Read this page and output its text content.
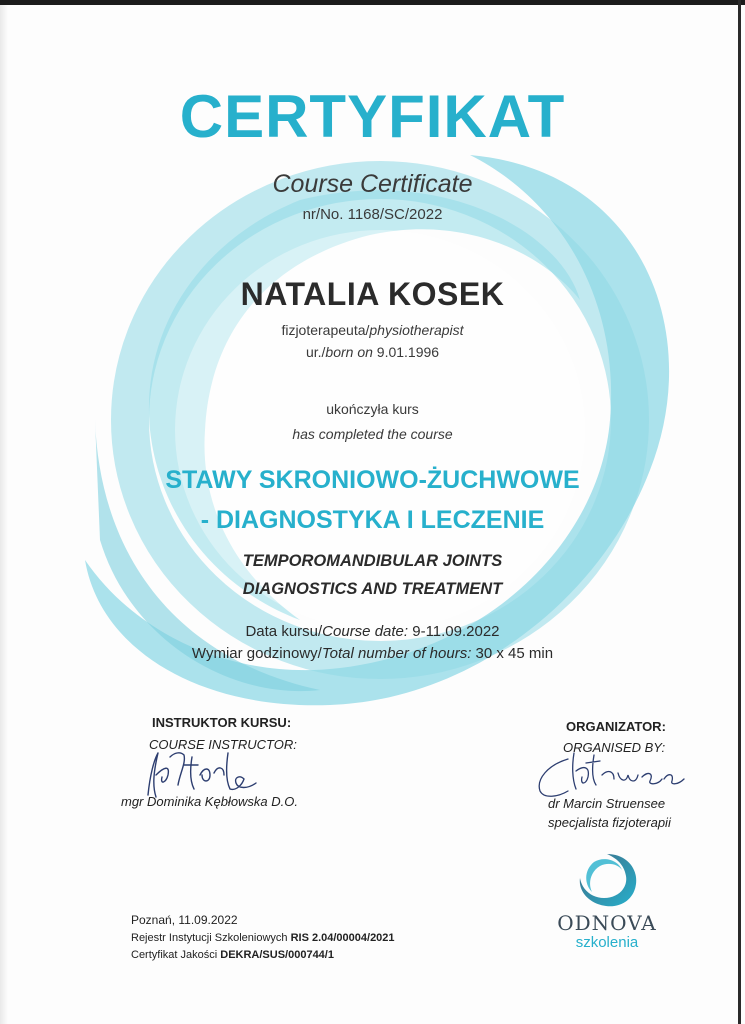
CERTYFIKAT
Course Certificate
nr/No. 1168/SC/2022
NATALIA KOSEK
fizjoterapeuta/physiotherapist
ur./born on 9.01.1996
ukończyła kurs
has completed the course
STAWY SKRONIOWO-ŻUCHWOWE
- DIAGNOSTYKA I LECZENIE
TEMPOROMANDIBULAR JOINTS
DIAGNOSTICS AND TREATMENT
Data kursu/Course date: 9-11.09.2022
Wymiar godzinowy/Total number of hours: 30 x 45 min
INSTRUKTOR KURSU:
COURSE INSTRUCTOR:
mgr Dominika Kębłowska D.O.
ORGANIZATOR:
ORGANISED BY:
dr Marcin Struensee
specjalista fizjoterapii
Poznań, 11.09.2022
Rejestr Instytucji Szkoleniowych RIS 2.04/00004/2021
Certyfikat Jakości DEKRA/SUS/000744/1
ODNOVA
szkolenia
